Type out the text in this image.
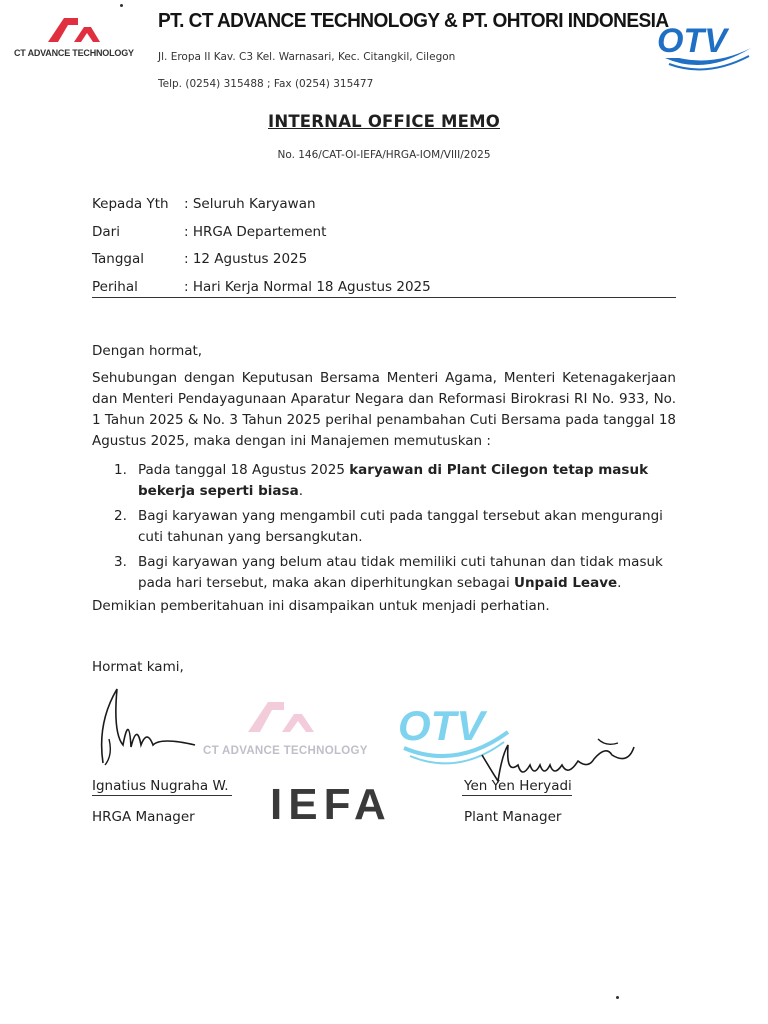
CT ADVANCE TECHNOLOGY
PT. CT ADVANCE TECHNOLOGY & PT. OHTORI INDONESIA
Jl. Eropa II Kav. C3 Kel. Warnasari, Kec. Citangkil, Cilegon
Telp. (0254) 315488 ; Fax (0254) 315477
OTV
INTERNAL OFFICE MEMO
No. 146/CAT-OI-IEFA/HRGA-IOM/VIII/2025
Kepada Yth : Seluruh Karyawan
Dari	: HRGA Departement
Tanggal	: 12 Agustus 2025
Perihal	: Hari Kerja Normal 18 Agustus 2025
Dengan hormat,
Sehubungan dengan Keputusan Bersama Menteri Agama, Menteri Ketenagakerjaan dan Menteri Pendayagunaan Aparatur Negara dan Reformasi Birokrasi RI No. 933, No. 1 Tahun 2025 & No. 3 Tahun 2025 perihal penambahan Cuti Bersama pada tanggal 18 Agustus 2025, maka dengan ini Manajemen memutuskan :
1. Pada tanggal 18 Agustus 2025 karyawan di Plant Cilegon tetap masuk bekerja seperti biasa.
2. Bagi karyawan yang mengambil cuti pada tanggal tersebut akan mengurangi cuti tahunan yang bersangkutan.
3. Bagi karyawan yang belum atau tidak memiliki cuti tahunan dan tidak masuk pada hari tersebut, maka akan diperhitungkan sebagai Unpaid Leave.
Demikian pemberitahuan ini disampaikan untuk menjadi perhatian.
Hormat kami,
CT ADVANCE TECHNOLOGY
OTV
IEFA
Ignatius Nugraha W.
HRGA Manager
Yen Yen Heryadi
Plant Manager
